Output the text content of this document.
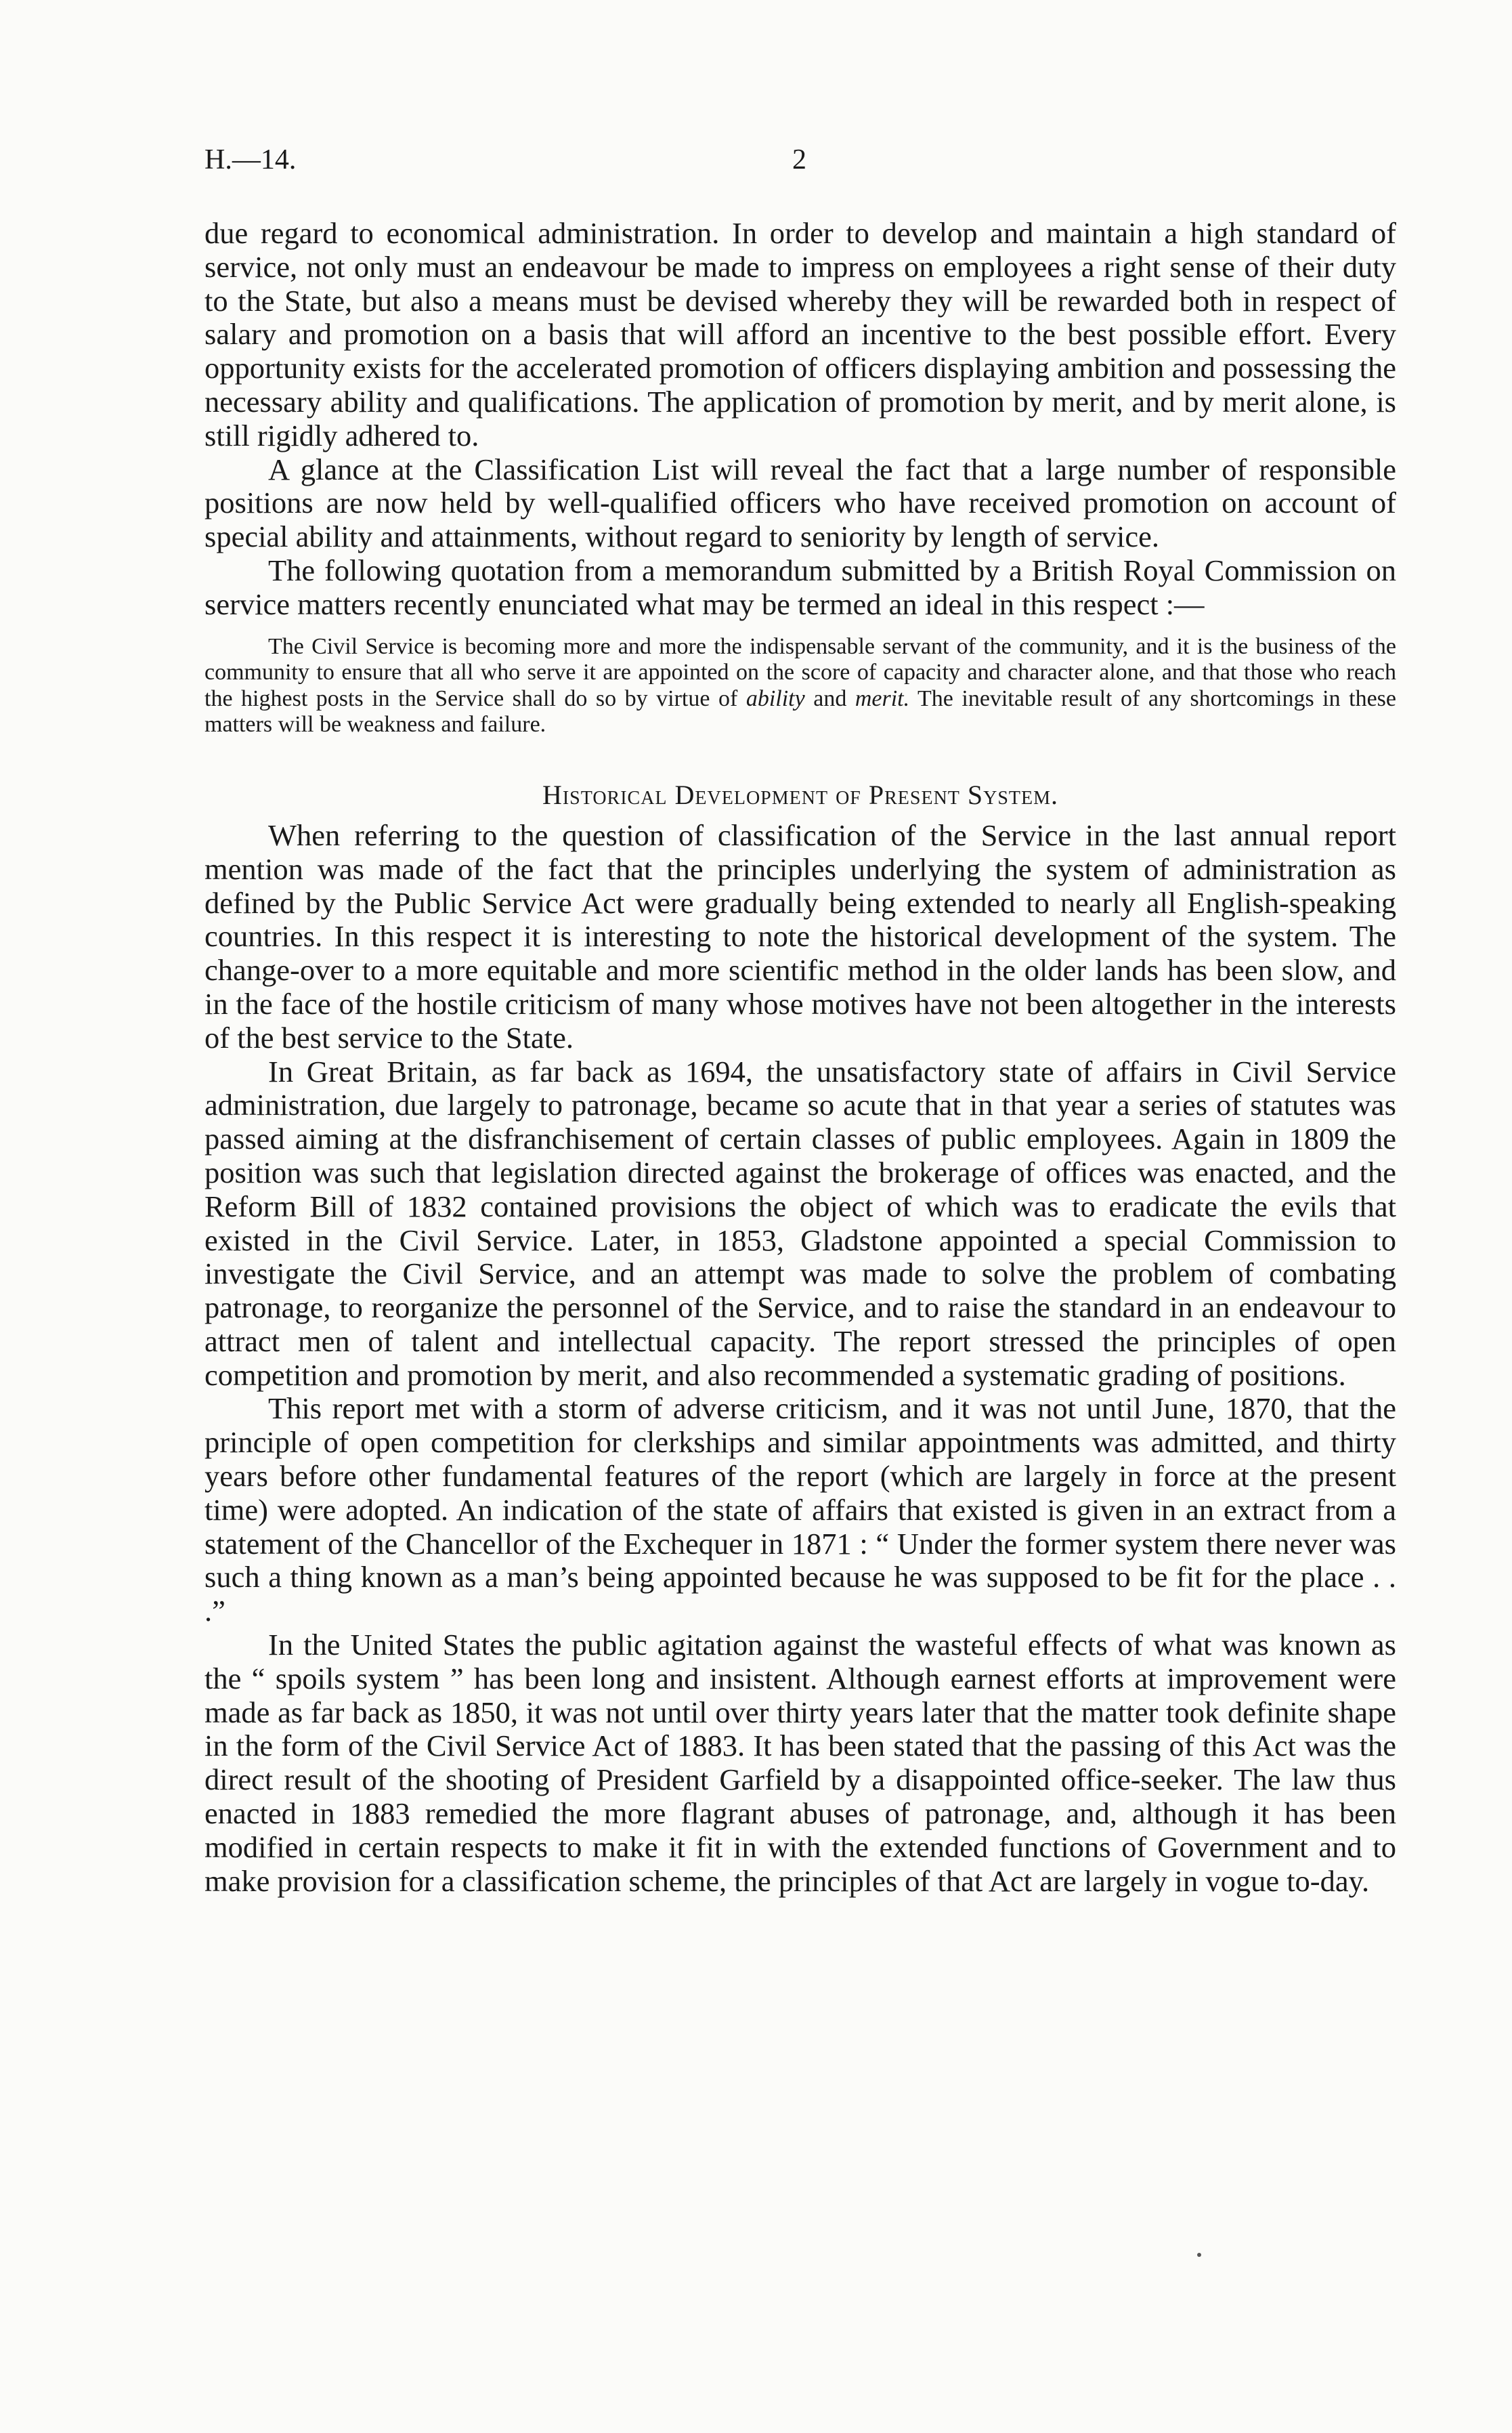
H.—14.	2

due regard to economical administration. In order to develop and maintain a high standard of service, not only must an endeavour be made to impress on employees a right sense of their duty to the State, but also a means must be devised whereby they will be rewarded both in respect of salary and promotion on a basis that will afford an incentive to the best possible effort. Every opportunity exists for the accelerated promotion of officers displaying ambition and possessing the necessary ability and qualifications. The application of promotion by merit, and by merit alone, is still rigidly adhered to.

A glance at the Classification List will reveal the fact that a large number of responsible positions are now held by well-qualified officers who have received promotion on account of special ability and attainments, without regard to seniority by length of service.

The following quotation from a memorandum submitted by a British Royal Commission on service matters recently enunciated what may be termed an ideal in this respect :—

The Civil Service is becoming more and more the indispensable servant of the community, and it is the business of the community to ensure that all who serve it are appointed on the score of capacity and character alone, and that those who reach the highest posts in the Service shall do so by virtue of ability and merit. The inevitable result of any shortcomings in these matters will be weakness and failure.
Historical Development of Present System.

When referring to the question of classification of the Service in the last annual report mention was made of the fact that the principles underlying the system of administration as defined by the Public Service Act were gradually being extended to nearly all English-speaking countries. In this respect it is interesting to note the historical development of the system. The change-over to a more equitable and more scientific method in the older lands has been slow, and in the face of the hostile criticism of many whose motives have not been altogether in the interests of the best service to the State.

In Great Britain, as far back as 1694, the unsatisfactory state of affairs in Civil Service administration, due largely to patronage, became so acute that in that year a series of statutes was passed aiming at the disfranchisement of certain classes of public employees. Again in 1809 the position was such that legislation directed against the brokerage of offices was enacted, and the Reform Bill of 1832 contained provisions the object of which was to eradicate the evils that existed in the Civil Service. Later, in 1853, Gladstone appointed a special Commission to investigate the Civil Service, and an attempt was made to solve the problem of combating patronage, to reorganize the personnel of the Service, and to raise the standard in an endeavour to attract men of talent and intellectual capacity. The report stressed the principles of open competition and promotion by merit, and also recommended a systematic grading of positions.

This report met with a storm of adverse criticism, and it was not until June, 1870, that the principle of open competition for clerkships and similar appointments was admitted, and thirty years before other fundamental features of the report (which are largely in force at the present time) were adopted. An indication of the state of affairs that existed is given in an extract from a statement of the Chancellor of the Exchequer in 1871 : “ Under the former system there never was such a thing known as a man’s being appointed because he was supposed to be fit for the place . . .”

In the United States the public agitation against the wasteful effects of what was known as the “ spoils system ” has been long and insistent. Although earnest efforts at improvement were made as far back as 1850, it was not until over thirty years later that the matter took definite shape in the form of the Civil Service Act of 1883. It has been stated that the passing of this Act was the direct result of the shooting of President Garfield by a disappointed office-seeker. The law thus enacted in 1883 remedied the more flagrant abuses of patronage, and, although it has been modified in certain respects to make it fit in with the extended functions of Government and to make provision for a classification scheme, the principles of that Act are largely in vogue to-day.
